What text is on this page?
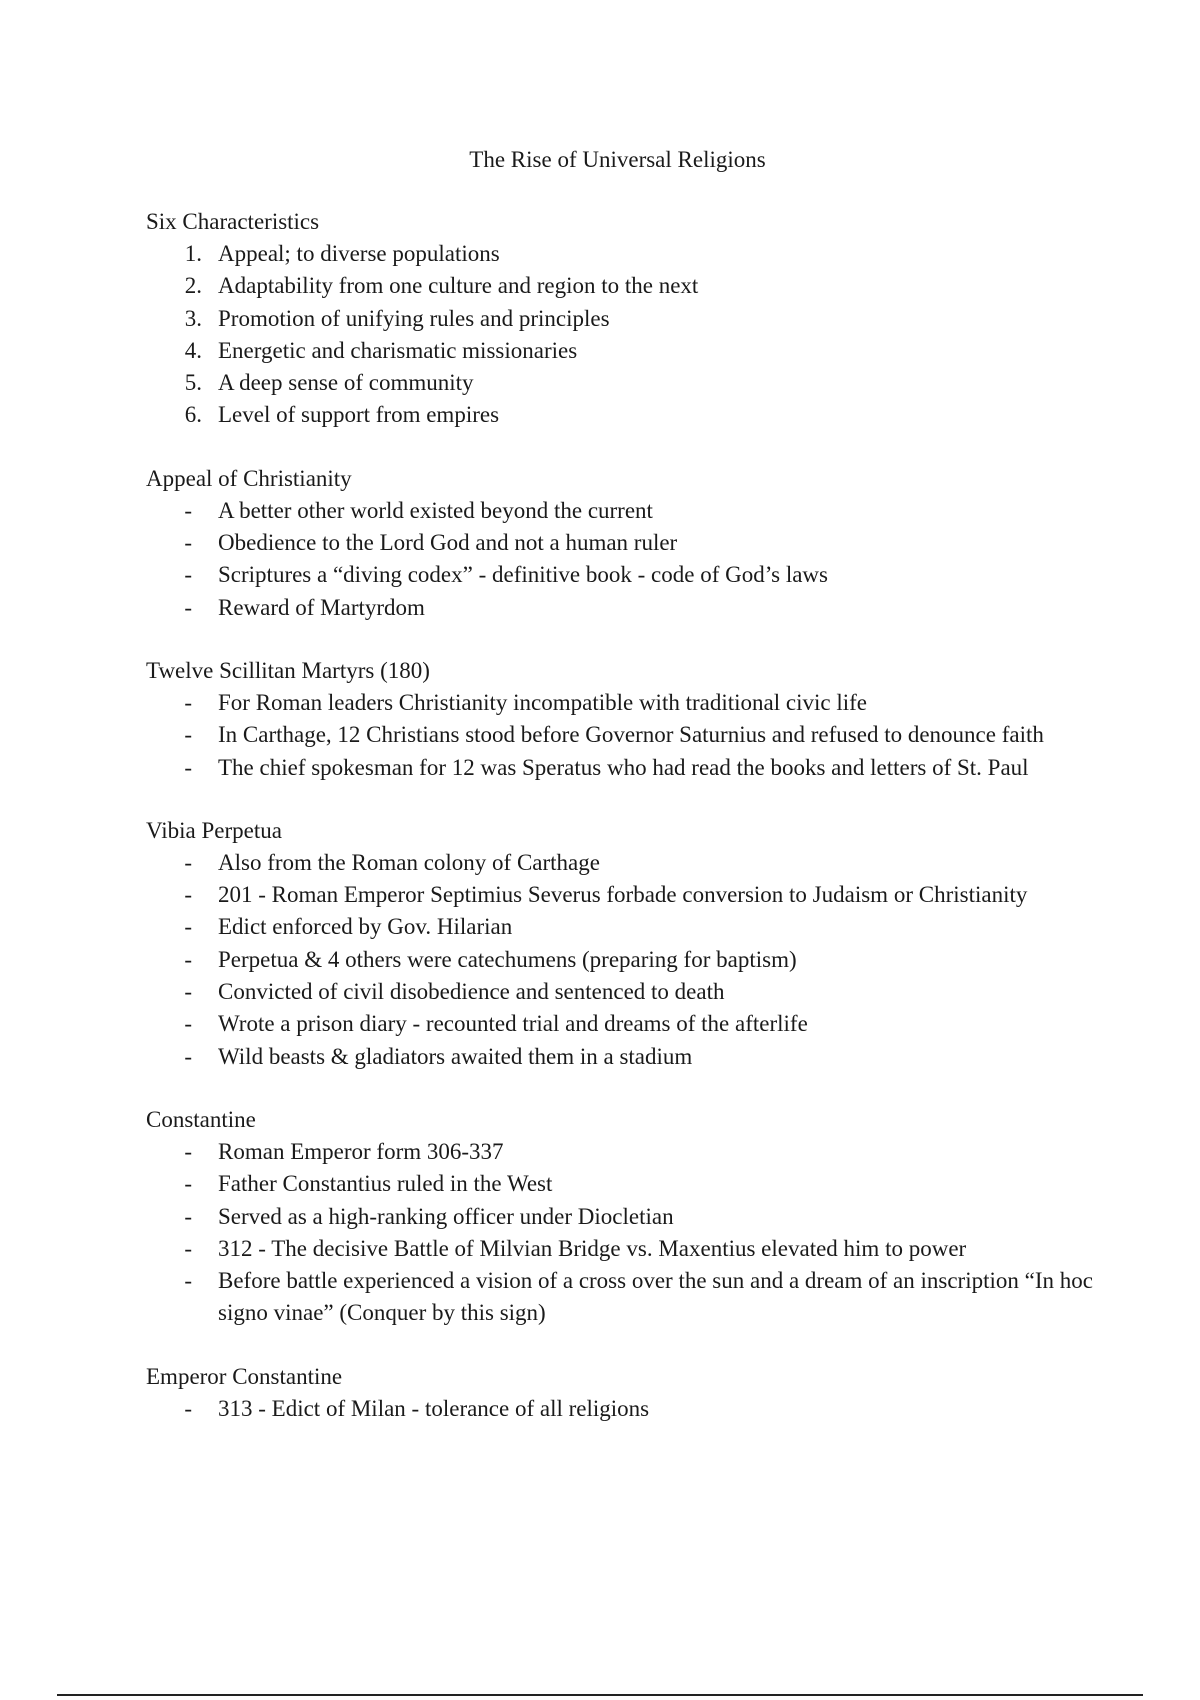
The Rise of Universal Religions
Six Characteristics
1. Appeal; to diverse populations
2. Adaptability from one culture and region to the next
3. Promotion of unifying rules and principles
4. Energetic and charismatic missionaries
5. A deep sense of community
6. Level of support from empires
Appeal of Christianity
- A better other world existed beyond the current
- Obedience to the Lord God and not a human ruler
- Scriptures a “diving codex” - definitive book - code of God’s laws
- Reward of Martyrdom
Twelve Scillitan Martyrs (180)
- For Roman leaders Christianity incompatible with traditional civic life
- In Carthage, 12 Christians stood before Governor Saturnius and refused to denounce faith
- The chief spokesman for 12 was Speratus who had read the books and letters of St. Paul
Vibia Perpetua
- Also from the Roman colony of Carthage
- 201 - Roman Emperor Septimius Severus forbade conversion to Judaism or Christianity
- Edict enforced by Gov. Hilarian
- Perpetua & 4 others were catechumens (preparing for baptism)
- Convicted of civil disobedience and sentenced to death
- Wrote a prison diary - recounted trial and dreams of the afterlife
- Wild beasts & gladiators awaited them in a stadium
Constantine
- Roman Emperor form 306-337
- Father Constantius ruled in the West
- Served as a high-ranking officer under Diocletian
- 312 - The decisive Battle of Milvian Bridge vs. Maxentius elevated him to power
- Before battle experienced a vision of a cross over the sun and a dream of an inscription “In hoc signo vinae” (Conquer by this sign)
Emperor Constantine
- 313 - Edict of Milan - tolerance of all religions
